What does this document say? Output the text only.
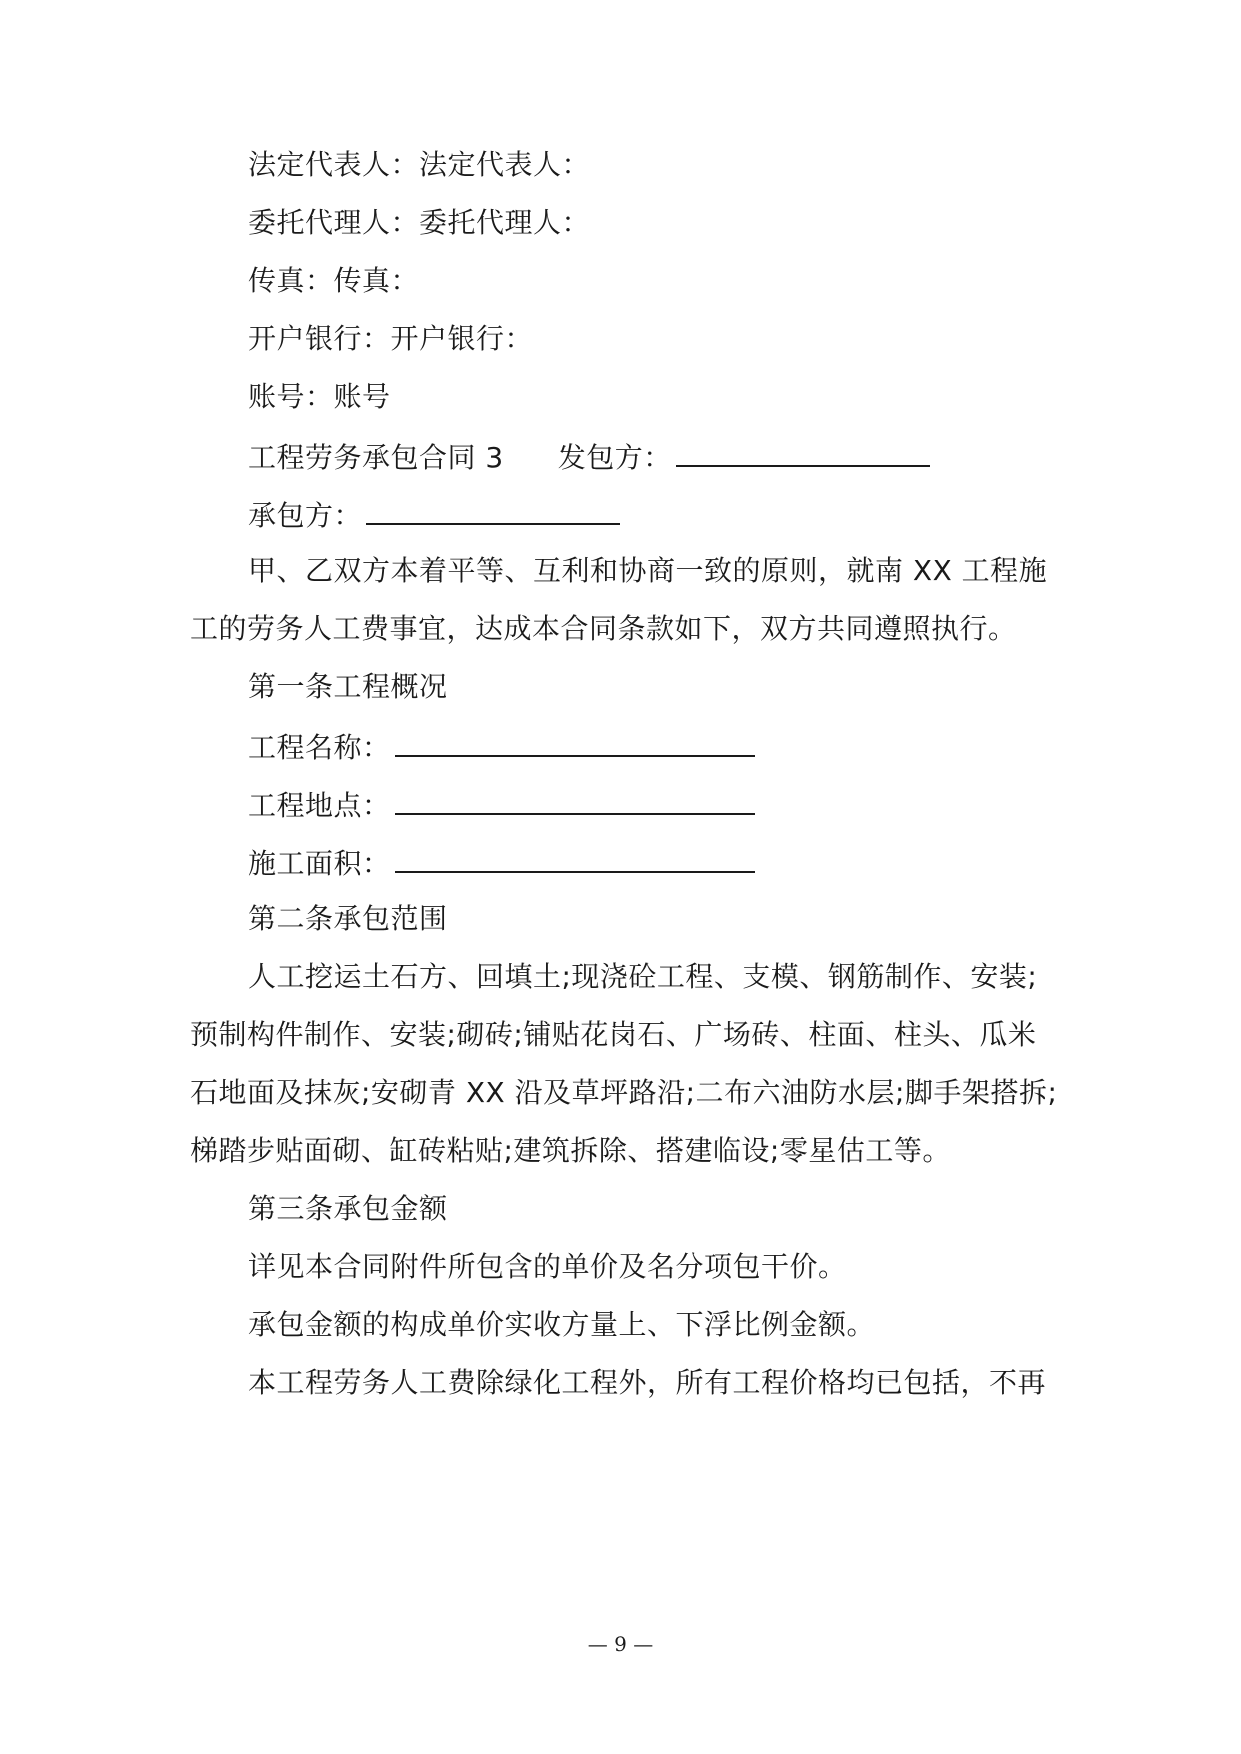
法定代表人：法定代表人：
委托代理人：委托代理人：
传真：传真：
开户银行：开户银行：
账号：账号
工程劳务承包合同 3 发包方：
承包方：
甲、乙双方本着平等、互利和协商一致的原则，就南 XX 工程施
工的劳务人工费事宜，达成本合同条款如下，双方共同遵照执行。
第一条工程概况
工程名称：
工程地点：
施工面积：
第二条承包范围
人工挖运土石方、回填土;现浇砼工程、支模、钢筋制作、安装;
预制构件制作、安装;砌砖;铺贴花岗石、广场砖、柱面、柱头、瓜米
石地面及抹灰;安砌青 XX 沿及草坪路沿;二布六油防水层;脚手架搭拆;
梯踏步贴面砌、缸砖粘贴;建筑拆除、搭建临设;零星估工等。
第三条承包金额
详见本合同附件所包含的单价及名分项包干价。
承包金额的构成单价实收方量上、下浮比例金额。
本工程劳务人工费除绿化工程外，所有工程价格均已包括，不再
— 9 —
